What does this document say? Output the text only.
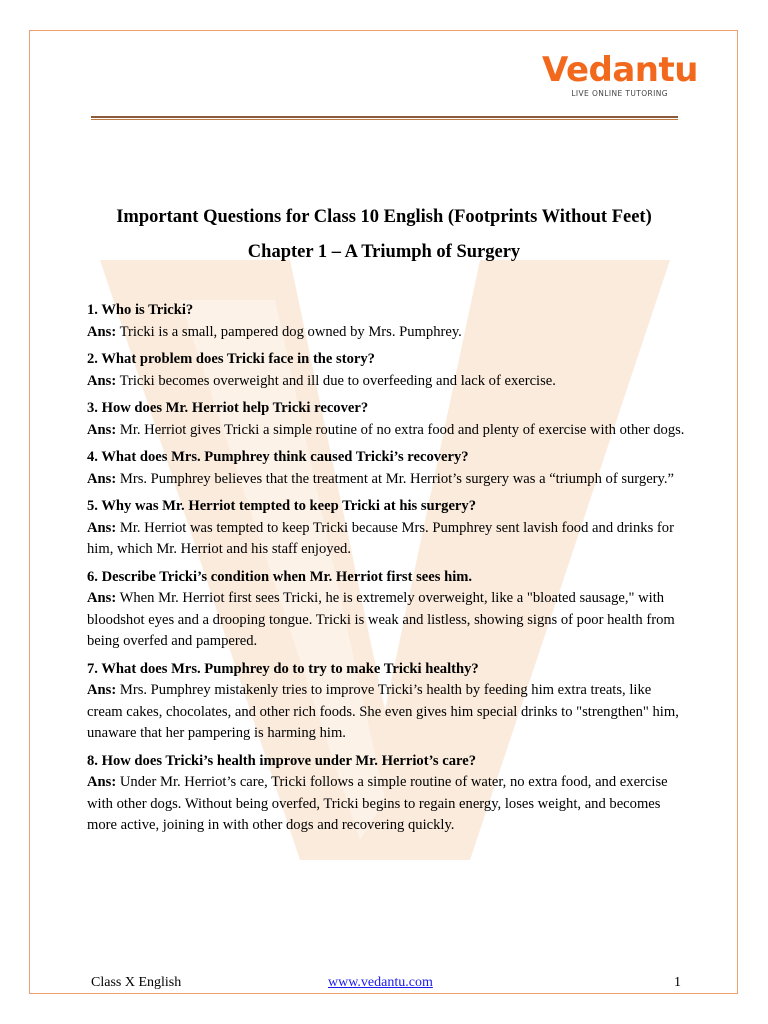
Vedantu
LIVE ONLINE TUTORING
Important Questions for Class 10 English (Footprints Without Feet)
Chapter 1 – A Triumph of Surgery
1. Who is Tricki?
Ans: Tricki is a small, pampered dog owned by Mrs. Pumphrey.
2. What problem does Tricki face in the story?
Ans: Tricki becomes overweight and ill due to overfeeding and lack of exercise.
3. How does Mr. Herriot help Tricki recover?
Ans: Mr. Herriot gives Tricki a simple routine of no extra food and plenty of exercise with other dogs.
4. What does Mrs. Pumphrey think caused Tricki’s recovery?
Ans: Mrs. Pumphrey believes that the treatment at Mr. Herriot’s surgery was a “triumph of surgery.”
5. Why was Mr. Herriot tempted to keep Tricki at his surgery?
Ans: Mr. Herriot was tempted to keep Tricki because Mrs. Pumphrey sent lavish food and drinks for him, which Mr. Herriot and his staff enjoyed.
6. Describe Tricki’s condition when Mr. Herriot first sees him.
Ans: When Mr. Herriot first sees Tricki, he is extremely overweight, like a "bloated sausage," with bloodshot eyes and a drooping tongue. Tricki is weak and listless, showing signs of poor health from being overfed and pampered.
7. What does Mrs. Pumphrey do to try to make Tricki healthy?
Ans: Mrs. Pumphrey mistakenly tries to improve Tricki’s health by feeding him extra treats, like cream cakes, chocolates, and other rich foods. She even gives him special drinks to "strengthen" him, unaware that her pampering is harming him.
8. How does Tricki’s health improve under Mr. Herriot’s care?
Ans: Under Mr. Herriot’s care, Tricki follows a simple routine of water, no extra food, and exercise with other dogs. Without being overfed, Tricki begins to regain energy, loses weight, and becomes more active, joining in with other dogs and recovering quickly.
Class X English	www.vedantu.com	1
